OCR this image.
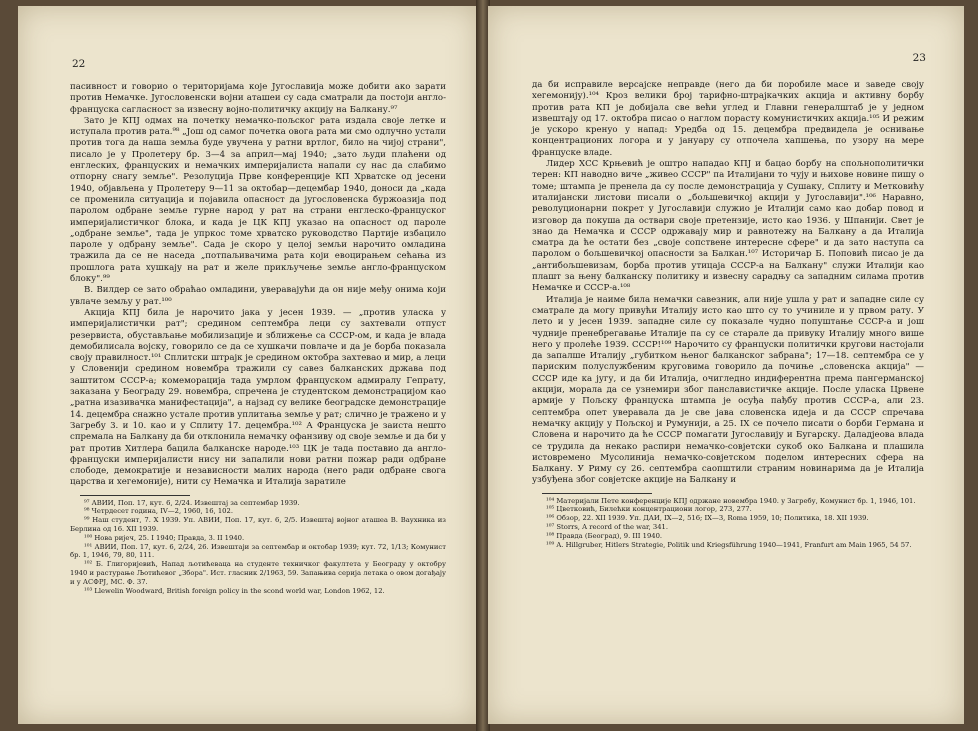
22

пасивност и говорио о територијама које Југославија може добити ако зарати против Немачке. Југословенски војни аташеи су сада сматрали да постоји англо-француска сагласност за извесну војно-политичку акцију на Балкану.⁹⁷

Зато је КПЈ одмах на почетку немачко-пољског рата издала своје летке и иступала против рата.⁹⁸ „Још од самог почетка овога рата ми смо одлучно устали против тога да наша земља буде увучена у ратни вртлог, било на чијој страни", писало је у Пролетеру бр. 3—4 за април—мај 1940; „зато људи плаћени од енглеских, француских и немачких империјалиста напали су нас да слабимо отпорну снагу земље". Резолуција Прве конференције КП Хрватске од јесени 1940, објављена у Пролетеру 9—11 за октобар—децембар 1940, доноси да „када се променила ситуација и појавила опасност да југословенска буржоазија под паролом одбране земље гурне народ у рат на страни енглеско-француског империјалистичког блока, и када је ЦК КПЈ указао на опасност од пароле „одбране земље", тада је упркос томе хрватско руководство Партије избацило пароле у одбрану земље". Сада је скоро у целој земљи нарочито омладина тражила да се не наседа „потпаљивачима рата који евоцирањем сећањa из прошлога рата хушкају на рат и желе прикључење земље англо-француском блоку".⁹⁹

В. Вилдер се зато обраћао омладини, уверавајући да он није међу онима који увлаче земљу у рат.¹⁰⁰

Акција КПЈ била је нарочито јака у јесен 1939. — „против уласка у империјалистички рат"; средином септембра леци су захтевали отпуст резервиста, обустављање мобилизације и зближење са СССР-ом, и када је влада демобилисала војску, говорило се да се хушкачи повлаче и да је борба показала своју правилност.¹⁰¹ Сплитски штрајк је средином октобра захтевао и мир, а леци у Словенији средином новембра тражили су савез балканских држава под заштитом СССР-а; комеморација тада умрлом француском адмиралу Гепрату, заказана у Београду 29. новембра, спречена је студентском демонстрацијом као „ратна изазивачка манифестација", а најзад су велике београдске демонстрације 14. децембра снажно устале против уплитања земље у рат; слично је тражено и у Загребу 3. и 10. као и у Сплиту 17. децембра.¹⁰² А Француска је заиста нешто спремала на Балкану да би отклонила немачку офанзиву од своје земље и да би у рат против Хитлера бацила балканске народе.¹⁰³ ЦК је тада поставио да англо-француски империјалисти нису ни запалили нови ратни пожар ради одбране слободе, демократије и независности малих народа (него ради одбране свога царства и хегемоније), нити су Немачка и Италија заратиле

⁹⁷ АВИИ, Поп. 17, кут. 6, 2/24. Извештај за септембар 1939.

⁹⁸ Четрдесет година, IV—2, 1960, 16, 102.

⁹⁹ Наш студент, 7. X 1939. Уп. АВИИ, Поп. 17, кут. 6, 2/5. Извештај војног аташеа В. Ваухника из Берлина од 16. XII 1939.

¹⁰⁰ Нова ријеч, 25. I 1940; Правда, 3. II 1940.

¹⁰¹ АВИИ, Поп. 17, кут. 6, 2/24, 26. Извештаји за септембар и октобар 1939; кут. 72, 1/13; Комунист бр. 1, 1946, 79, 80, 111.

¹⁰² Б. Глигоријевић, Напад љотићеваца на студенте техничког факултета у Београду у октобру 1940 и растурање Љотићевог „Збора". Ист. гласник 2/1963, 59. Запањива серија летака о овом догађају и у АСФРЈ, МС. Ф. 37.

¹⁰³ Llewelin Woodward, British foreign policy in the scond world war, London 1962, 12.

23

да би исправиле версајске неправде (него да би поробиле масе и заведе своју хегемонију).¹⁰⁴ Кроз велики број тарифно-штрајкачких акција и активну борбу против рата КП је добијала све већи углед и Главни генералштаб је у једном извештају од 17. октобра писао о наглом порасту комунистичких акција.¹⁰⁵ И режим је ускоро кренуо у напад: Уредба од 15. децембра предвидела је оснивање концентрационих логора и у јануару су отпочела хапшења, по узору на мере француске владе.

Лидер ХСС Крњевић је оштро нападао КПЈ и бацао борбу на спољнополитички терен: КП наводно виче „живео СССР" па Италијани то чују и њихове новине пишу о томе; штампа је пренела да су после демонстрација у Сушаку, Сплиту и Метковићу италијански листови писали о „бољшевичкој акцији у Југославији".¹⁰⁶ Наравно, револуционарни покрет у Југославији служио је Италији само као добар повод и изговор да покуша да оствари своје претензије, исто као 1936. у Шпанији. Свет је знао да Немачка и СССР одржавају мир и равнотежу на Балкану а да Италија сматра да ће остати без „своје сопствене интересне сфере" и да зато наступа са паролом о бољшевичкој опасности за Балкан.¹⁰⁷ Историчар Б. Поповић писао је да „антибољшевизам, борба против утицаја СССР-а на Балкану" служи Италији као плашт за њену балканску политику и извесну сарадњу са западним силама против Немачке и СССР-а.¹⁰⁸

Италија је наиме била немачки савезник, али није ушла у рат и западне силе су сматрале да могу привући Италију исто као што су то учиниле и у првом рату. У лето и у јесен 1939. западне силе су показале чудно попуштање СССР-а и још чудније пренебрегавање Италије па су се старале да привуку Италију много више него у пролеће 1939. СССР!¹⁰⁹ Нарочито су француски политички кругови настојали да запалше Италију „губитком њеног балканског забрана"; 17—18. септембра се у париским полуслужбеним круговима говорило да почиње „словенска акција" — СССР иде ка југу, и да би Италија, очигледно индиферентна према пангерманској акцији, морала да се узнемири због панславистичке акције. После уласка Црвене армије у Пољску француска штампа је осуђа пађбу против СССР-а, али 23. септембра опет уверавала да је све јава словенска идеја и да СССР спречава немачку акцију у Пољској и Румунији, а 25. IX се почело писати о борби Германа и Словена и нарочито да ће СССР помагати Југославију и Бугарску. Даладјеова влада се трудила да некако распири немачко-совјетски сукоб око Балкана и плашила истовремено Мусолинија немачко-совјетском поделом интересних сфера на Балкану. У Риму су 26. септембра саопштили страним новинарима да је Италија узбуђена због совјетске акције на Балкану и

¹⁰⁴ Материјали Пете конференције КПЈ одржане новембра 1940. у Загребу, Комунист бр. 1, 1946, 101.

¹⁰⁵ Цветковић, Билећки концентрациони логор, 273, 277.

¹⁰⁶ Обзор, 22. XII 1939. Уп. ДАИ, IX—2, 516; IX—3, Roma 1959, 10; Политика, 18. XII 1939.

¹⁰⁷ Storrs, A record of the war, 341.

¹⁰⁸ Правда (Београд), 9. III 1940.

¹⁰⁹ A. Hillgruber, Hitlers Strategie, Politik und Kriegsführung 1940—1941, Franfurt am Main 1965, 54 57.
